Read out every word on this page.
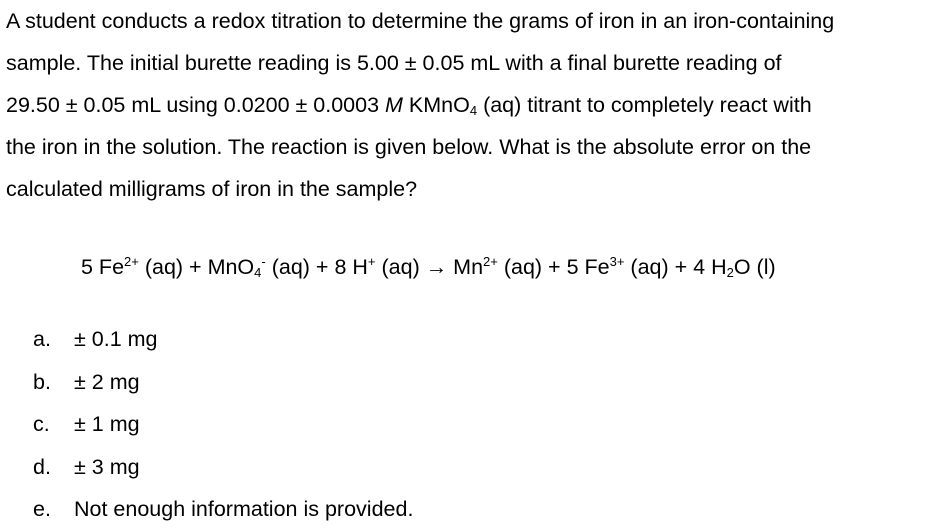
A student conducts a redox titration to determine the grams of iron in an iron-containing
sample. The initial burette reading is 5.00 ± 0.05 mL with a final burette reading of
29.50 ± 0.05 mL using 0.0200 ± 0.0003 M KMnO$_4$ (aq) titrant to completely react with
the iron in the solution. The reaction is given below. What is the absolute error on the
calculated milligrams of iron in the sample?
5 $Fe^{2+}$ (aq) + MnO$_4$- (aq) + 8 H+ $(aq) \to Mn^{2+}$ (aq) + 5 $Fe^{3+}$ (aq) + 4 $H_2O$ (l)
a.	± 0.1 mg
b.	± 2 mg
c.	± 1 mg
d.	± 3 mg
e.	Not enough information is provided.
